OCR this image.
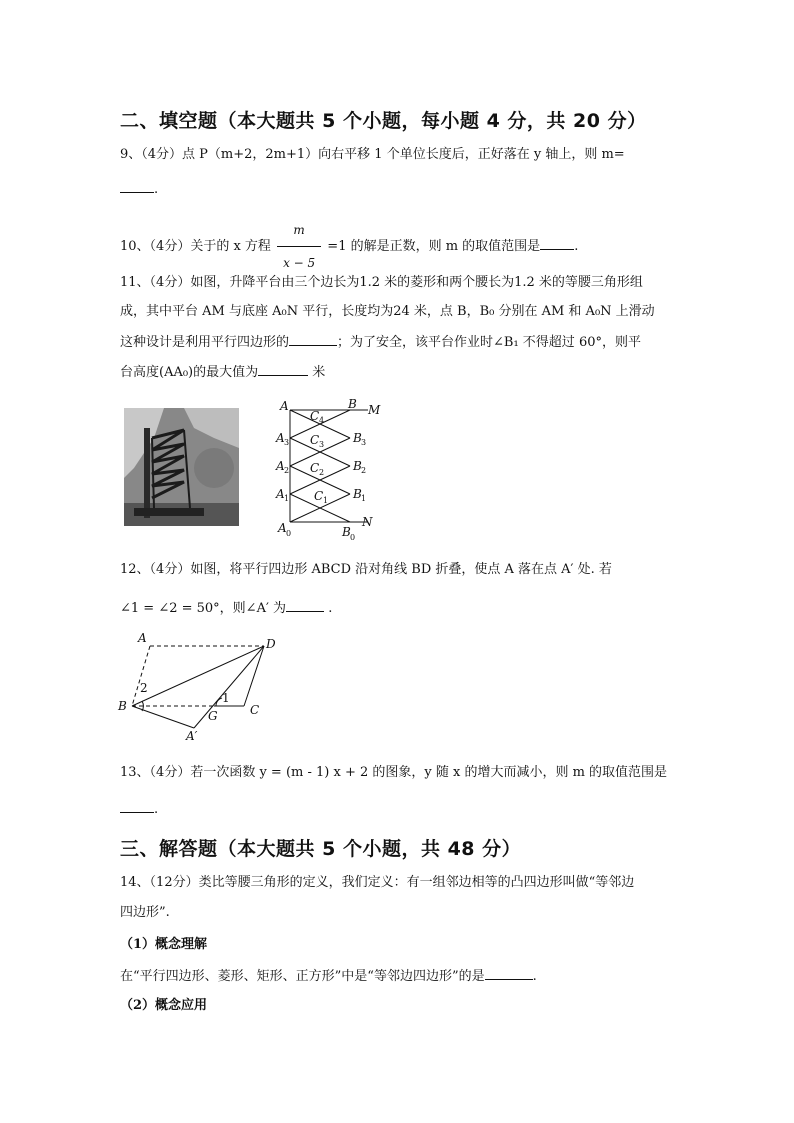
二、填空题（本大题共 5 个小题，每小题 4 分，共 20 分）
9、（4分）点 P（m+2，2m+1）向右平移 1 个单位长度后，正好落在 y 轴上，则 m=
.
10、（4分）关于的 x 方程 $\frac{m}{x - 5} =1$ 的解是正数，则 m 的取值范围是	.
11、（4分）如图，升降平台由三个边长为1.2 米的菱形和两个腰长为1.2 米的等腰三角形组
成，其中平台 AM 与底座 A₀N 平行，长度均为24 米，点 B，B₀ 分别在 AM 和 A₀N 上滑动
这种设计是利用平行四边形的	；为了安全，该平台作业时∠B₁ 不得超过 60°，则平
台高度(AA₀)的最大值为	米
A	B M
C 4
A 3 C 3 B 3
A 2 C 2 B 2
A 1 C 1 B 1
A 0	B 0
N
12、（4分）如图，将平行四边形 ABCD 沿对角线 BD 折叠，使点 A 落在点 A′ 处. 若
∠1 = ∠2 = 50°，则∠A′ 为	.
A	D
B	C
G
A′
1
2
13、（4分）若一次函数 y = (m - 1) x + 2 的图象，y 随 x 的增大而减小，则 m 的取值范围是
.
三、解答题（本大题共 5 个小题，共 48 分）
14、（12分）类比等腰三角形的定义，我们定义：有一组邻边相等的凸四边形叫做“等邻边
四边形”.
（1）概念理解
在“平行四边形、菱形、矩形、正方形”中是“等邻边四边形”的是	.
（2）概念应用
